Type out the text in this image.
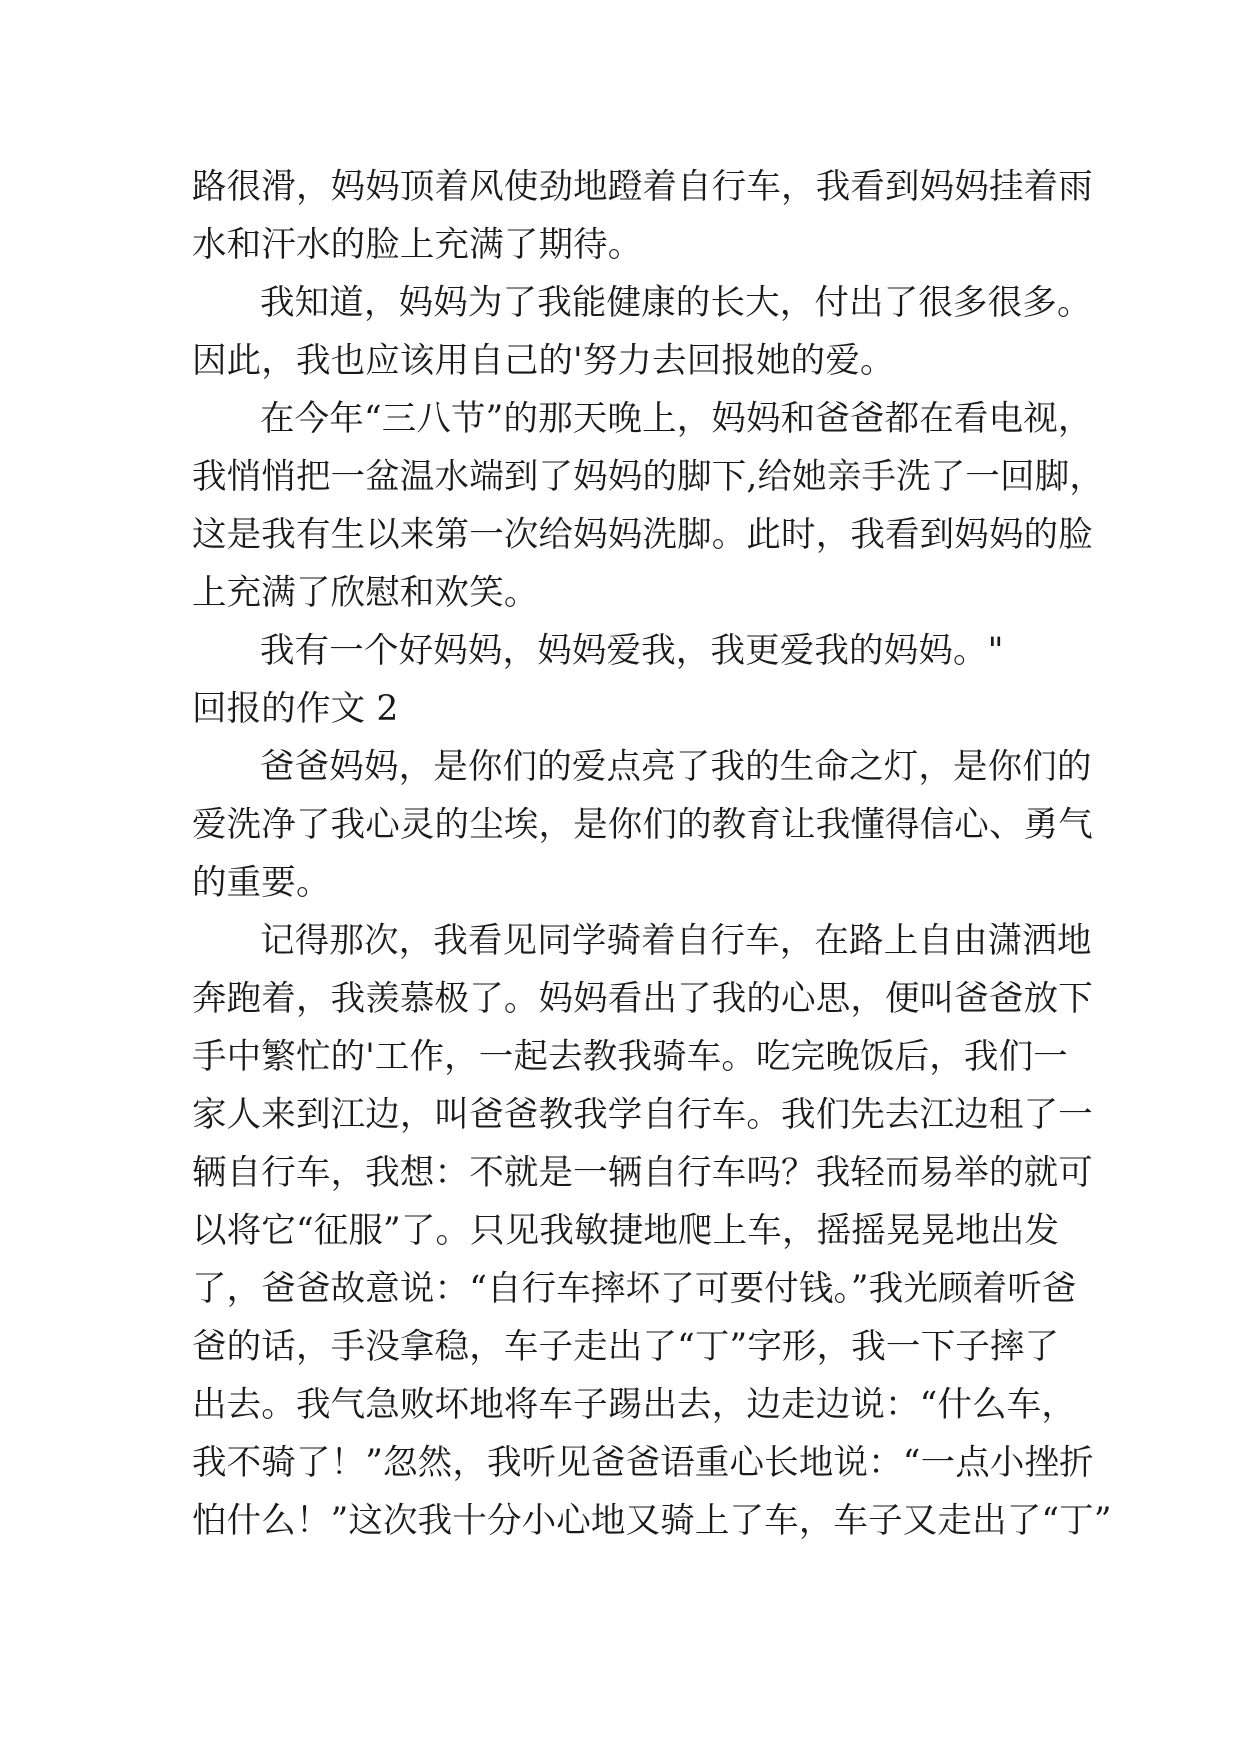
路很滑，妈妈顶着风使劲地蹬着自行车，我看到妈妈挂着雨
水和汗水的脸上充满了期待。
我知道，妈妈为了我能健康的长大，付出了很多很多。
因此，我也应该用自己的'努力去回报她的爱。
在今年“三八节”的那天晚上，妈妈和爸爸都在看电视，
我悄悄把一盆温水端到了妈妈的脚下,给她亲手洗了一回脚，
这是我有生以来第一次给妈妈洗脚。此时，我看到妈妈的脸
上充满了欣慰和欢笑。
我有一个好妈妈，妈妈爱我，我更爱我的妈妈。"
回报的作文 2
爸爸妈妈，是你们的爱点亮了我的生命之灯，是你们的
爱洗净了我心灵的尘埃，是你们的教育让我懂得信心、勇气
的重要。
记得那次，我看见同学骑着自行车，在路上自由潇洒地
奔跑着，我羡慕极了。妈妈看出了我的心思，便叫爸爸放下
手中繁忙的'工作，一起去教我骑车。吃完晚饭后，我们一
家人来到江边，叫爸爸教我学自行车。我们先去江边租了一
辆自行车，我想：不就是一辆自行车吗？我轻而易举的就可
以将它“征服”了。只见我敏捷地爬上车，摇摇晃晃地出发
了，爸爸故意说：“自行车摔坏了可要付钱。”我光顾着听爸
爸的话，手没拿稳，车子走出了“丁”字形，我一下子摔了
出去。我气急败坏地将车子踢出去，边走边说：“什么车，
我不骑了！”忽然，我听见爸爸语重心长地说：“一点小挫折
怕什么！”这次我十分小心地又骑上了车，车子又走出了“丁”
